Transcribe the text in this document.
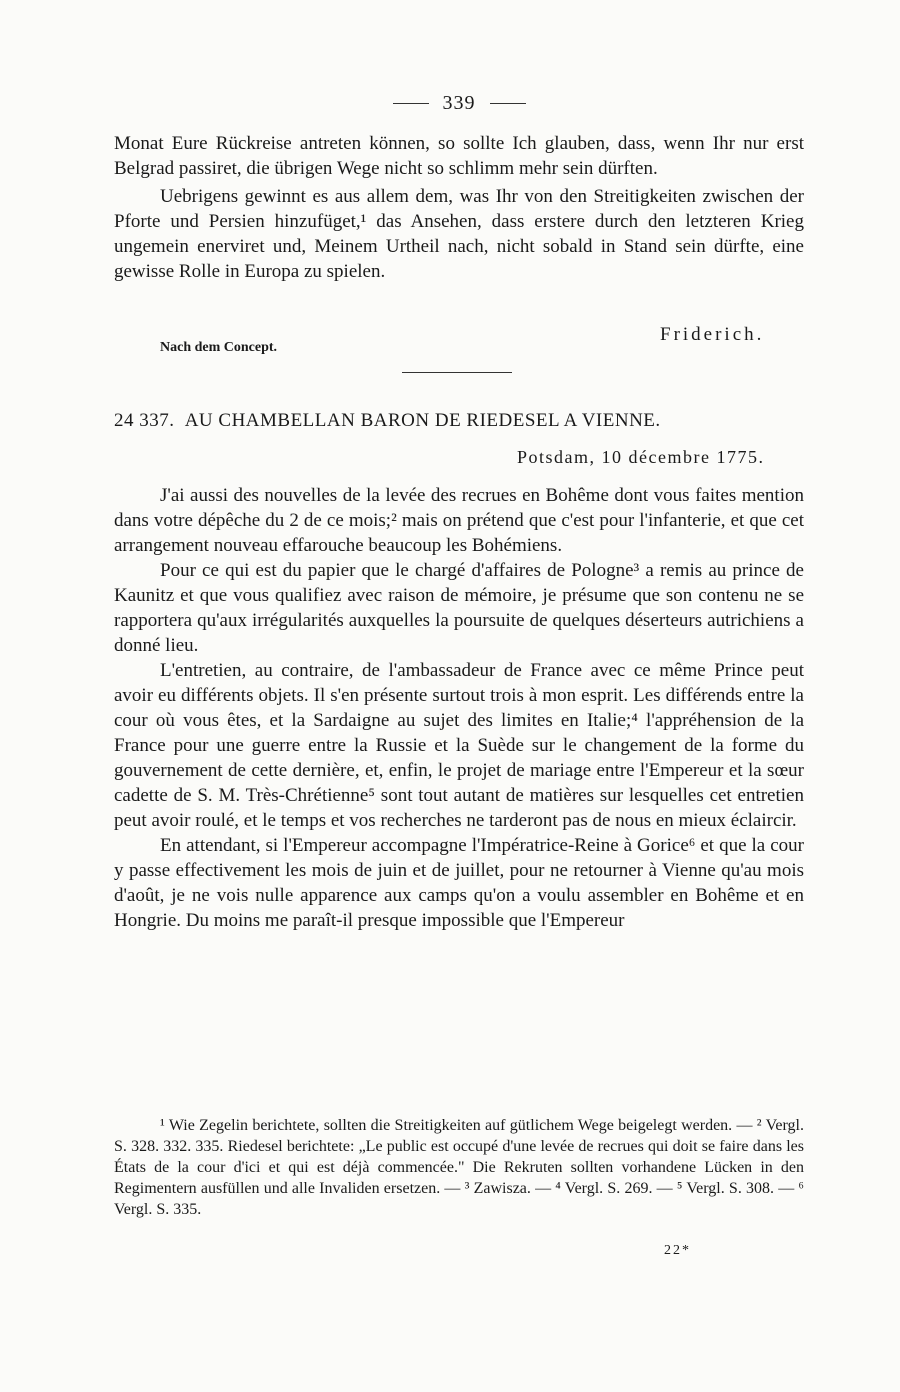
339

Monat Eure Rückreise antreten können, so sollte Ich glauben, dass, wenn Ihr nur erst Belgrad passiret, die übrigen Wege nicht so schlimm mehr sein dürften.

Uebrigens gewinnt es aus allem dem, was Ihr von den Streitigkeiten zwischen der Pforte und Persien hinzufüget,¹ das Ansehen, dass erstere durch den letzteren Krieg ungemein enerviret und, Meinem Urtheil nach, nicht sobald in Stand sein dürfte, eine gewisse Rolle in Europa zu spielen.

Friderich.
Nach dem Concept.
24 337. AU CHAMBELLAN BARON DE RIEDESEL A VIENNE.
Potsdam, 10 décembre 1775.

J'ai aussi des nouvelles de la levée des recrues en Bohême dont vous faites mention dans votre dépêche du 2 de ce mois;² mais on prétend que c'est pour l'infanterie, et que cet arrangement nouveau effarouche beaucoup les Bohémiens.

Pour ce qui est du papier que le chargé d'affaires de Pologne³ a remis au prince de Kaunitz et que vous qualifiez avec raison de mémoire, je présume que son contenu ne se rapportera qu'aux irrégularités auxquelles la poursuite de quelques déserteurs autrichiens a donné lieu.

L'entretien, au contraire, de l'ambassadeur de France avec ce même Prince peut avoir eu différents objets. Il s'en présente surtout trois à mon esprit. Les différends entre la cour où vous êtes, et la Sardaigne au sujet des limites en Italie;⁴ l'appréhension de la France pour une guerre entre la Russie et la Suède sur le changement de la forme du gouvernement de cette dernière, et, enfin, le projet de mariage entre l'Empereur et la sœur cadette de S. M. Très-Chrétienne⁵ sont tout autant de matières sur lesquelles cet entretien peut avoir roulé, et le temps et vos recherches ne tarderont pas de nous en mieux éclaircir.

En attendant, si l'Empereur accompagne l'Impératrice-Reine à Gorice⁶ et que la cour y passe effectivement les mois de juin et de juillet, pour ne retourner à Vienne qu'au mois d'août, je ne vois nulle apparence aux camps qu'on a voulu assembler en Bohême et en Hongrie. Du moins me paraît-il presque impossible que l'Empereur

¹ Wie Zegelin berichtete, sollten die Streitigkeiten auf gütlichem Wege beigelegt werden. — ² Vergl. S. 328. 332. 335. Riedesel berichtete: „Le public est occupé d'une levée de recrues qui doit se faire dans les États de la cour d'ici et qui est déjà commencée." Die Rekruten sollten vorhandene Lücken in den Regimentern ausfüllen und alle Invaliden ersetzen. — ³ Zawisza. — ⁴ Vergl. S. 269. — ⁵ Vergl. S. 308. — ⁶ Vergl. S. 335.

22*
